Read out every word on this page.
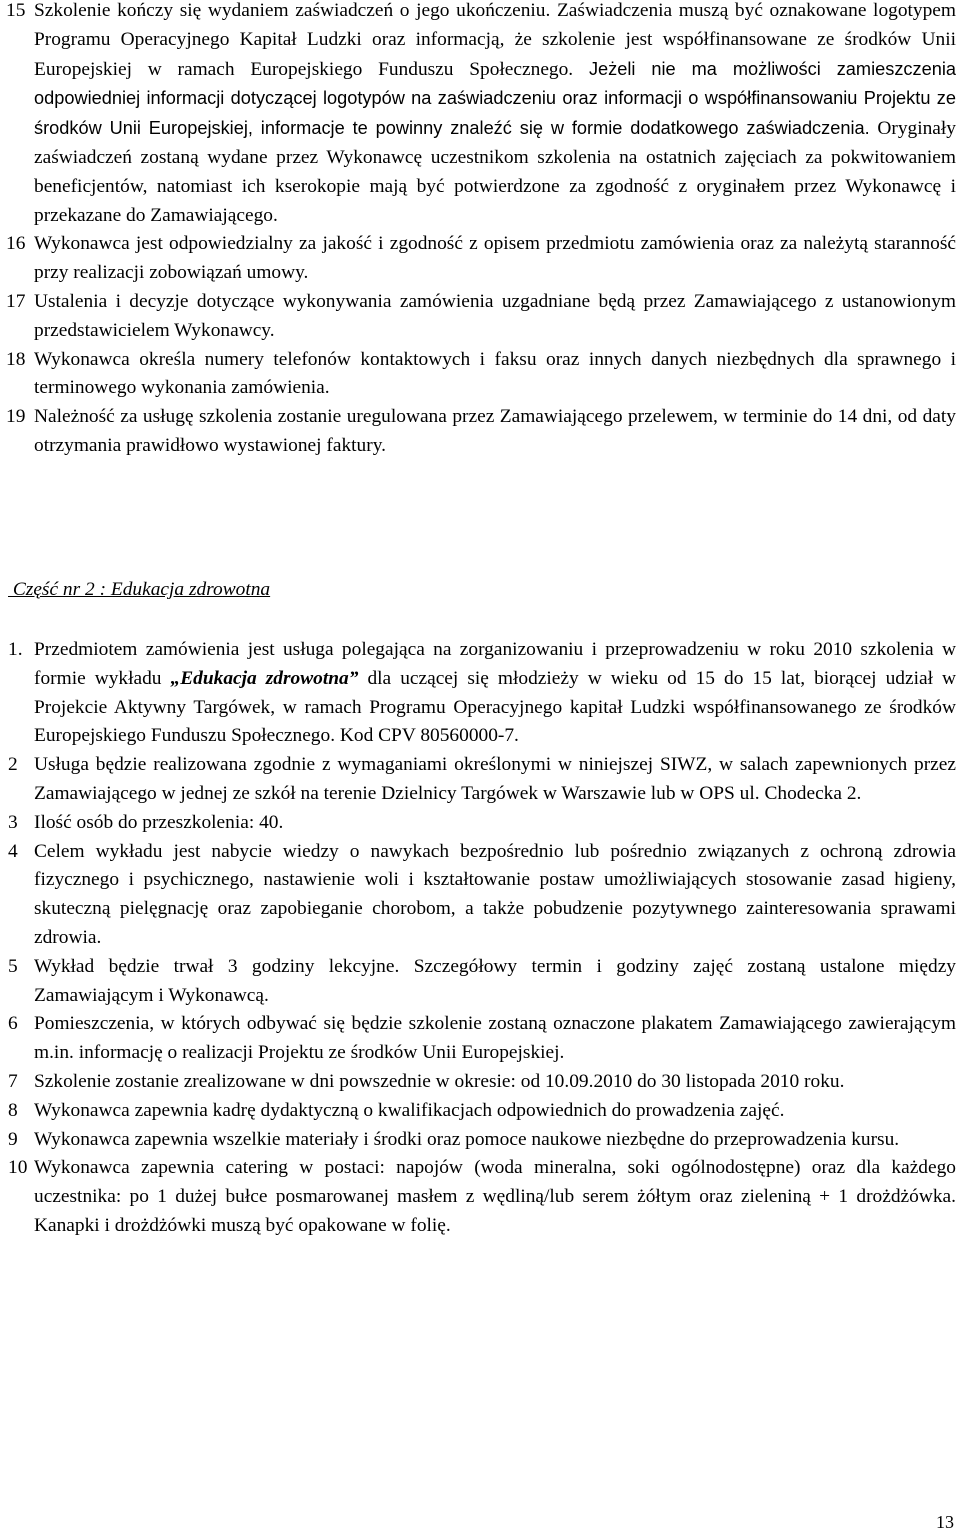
15 Szkolenie kończy się wydaniem zaświadczeń o jego ukończeniu. Zaświadczenia muszą być oznakowane logotypem Programu Operacyjnego Kapitał Ludzki oraz informacją, że szkolenie jest współfinansowane ze środków Unii Europejskiej w ramach Europejskiego Funduszu Społecznego. Jeżeli nie ma możliwości zamieszczenia odpowiedniej informacji dotyczącej logotypów na zaświadczeniu oraz informacji o współfinansowaniu Projektu ze środków Unii Europejskiej, informacje te powinny znaleźć się w formie dodatkowego zaświadczenia. Oryginały zaświadczeń zostaną wydane przez Wykonawcę uczestnikom szkolenia na ostatnich zajęciach za pokwitowaniem beneficjentów, natomiast ich kserokopie mają być potwierdzone za zgodność z oryginałem przez Wykonawcę i przekazane do Zamawiającego.
16 Wykonawca jest odpowiedzialny za jakość i zgodność z opisem przedmiotu zamówienia oraz za należytą staranność przy realizacji zobowiązań umowy.
17 Ustalenia i decyzje dotyczące wykonywania zamówienia uzgadniane będą przez Zamawiającego z ustanowionym przedstawicielem Wykonawcy.
18 Wykonawca określa numery telefonów kontaktowych i faksu oraz innych danych niezbędnych dla sprawnego i terminowego wykonania zamówienia.
19 Należność za usługę szkolenia zostanie uregulowana przez Zamawiającego przelewem, w terminie do 14 dni, od daty otrzymania prawidłowo wystawionej faktury.
Część nr 2 : Edukacja zdrowotna
1. Przedmiotem zamówienia jest usługa polegająca na zorganizowaniu i przeprowadzeniu w roku 2010 szkolenia w formie wykładu „Edukacja zdrowotna” dla uczącej się młodzieży w wieku od 15 do 15 lat, biorącej udział w Projekcie Aktywny Targówek, w ramach Programu Operacyjnego kapitał Ludzki współfinansowanego ze środków Europejskiego Funduszu Społecznego. Kod CPV 80560000-7.
2 Usługa będzie realizowana zgodnie z wymaganiami określonymi w niniejszej SIWZ, w salach zapewnionych przez Zamawiającego w jednej ze szkół na terenie Dzielnicy Targówek w Warszawie lub w OPS ul. Chodecka 2.
3 Ilość osób do przeszkolenia: 40.
4 Celem wykładu jest nabycie wiedzy o nawykach bezpośrednio lub pośrednio związanych z ochroną zdrowia fizycznego i psychicznego, nastawienie woli i kształtowanie postaw umożliwiających stosowanie zasad higieny, skuteczną pielęgnację oraz zapobieganie chorobom, a także pobudzenie pozytywnego zainteresowania sprawami zdrowia.
5 Wykład będzie trwał 3 godziny lekcyjne. Szczegółowy termin i godziny zajęć zostaną ustalone między Zamawiającym i Wykonawcą.
6 Pomieszczenia, w których odbywać się będzie szkolenie zostaną oznaczone plakatem Zamawiającego zawierającym m.in. informację o realizacji Projektu ze środków Unii Europejskiej.
7 Szkolenie zostanie zrealizowane w dni powszednie w okresie: od 10.09.2010 do 30 listopada 2010 roku.
8 Wykonawca zapewnia kadrę dydaktyczną o kwalifikacjach odpowiednich do prowadzenia zajęć.
9 Wykonawca zapewnia wszelkie materiały i środki oraz pomoce naukowe niezbędne do przeprowadzenia kursu.
10 Wykonawca zapewnia catering w postaci: napojów (woda mineralna, soki ogólnodostępne) oraz dla każdego uczestnika: po 1 dużej bułce posmarowanej masłem z wędliną/lub serem żółtym oraz zieleniną + 1 drożdżówka. Kanapki i drożdżówki muszą być opakowane w folię.
13
